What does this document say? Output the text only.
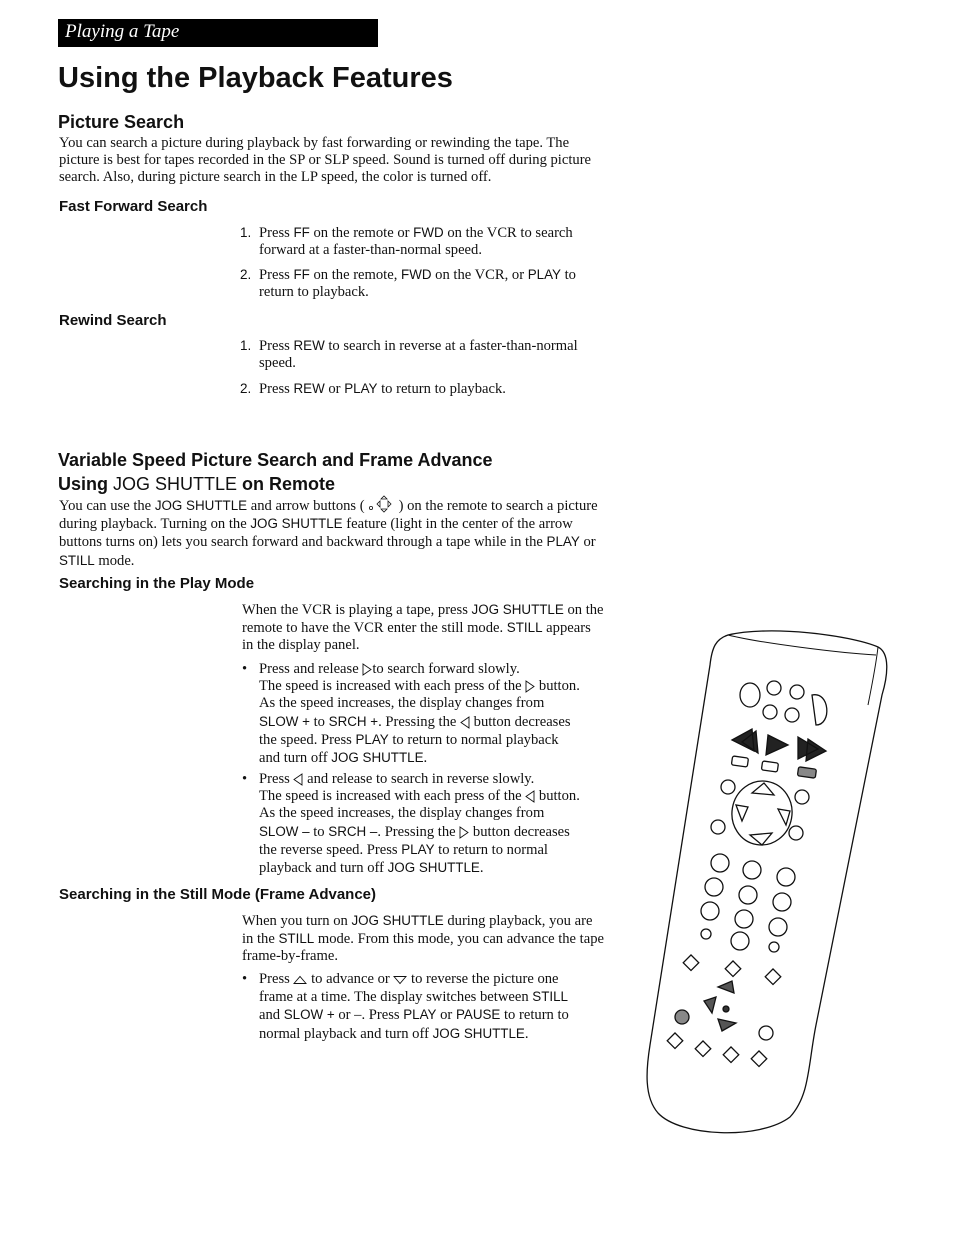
Playing a Tape
Using the Playback Features
Picture Search

You can search a picture during playback by fast forwarding or rewinding the tape. The picture is best for tapes recorded in the SP or SLP speed. Sound is turned off during picture search. Also, during picture search in the LP speed, the color is turned off.

Fast Forward Search
1. Press FF on the remote or FWD on the VCR to search forward at a faster-than-normal speed.
2. Press FF on the remote, FWD on the VCR, or PLAY to return to playback.
Rewind Search
1. Press REW to search in reverse at a faster-than-normal speed.
2. Press REW or PLAY to return to playback.
Variable Speed Picture Search and Frame Advance
Using JOG SHUTTLE on Remote

You can use the JOG SHUTTLE and arrow buttons ( ) on the remote to search a picture during playback. Turning on the JOG SHUTTLE feature (light in the center of the arrow buttons turns on) lets you search forward and backward through a tape while in the PLAY or STILL mode.

Searching in the Play Mode

When the VCR is playing a tape, press JOG SHUTTLE on the remote to have the VCR enter the still mode. STILL appears in the display panel.

• Press and release to search forward slowly.
The speed is increased with each press of the  button.
As the speed increases, the display changes from
SLOW + to SRCH +. Pressing the  button decreases
the speed. Press PLAY to return to normal playback
and turn off JOG SHUTTLE.
• Press  and release to search in reverse slowly.
The speed is increased with each press of the  button.
As the speed increases, the display changes from
SLOW – to SRCH –. Pressing the  button decreases
the reverse speed. Press PLAY to return to normal
playback and turn off JOG SHUTTLE.
Searching in the Still Mode (Frame Advance)

When you turn on JOG SHUTTLE during playback, you are in the STILL mode. From this mode, you can advance the tape frame-by-frame.

• Press  to advance or  to reverse the picture one
frame at a time. The display switches between STILL
and SLOW + or –. Press PLAY or PAUSE to return to
normal playback and turn off JOG SHUTTLE.
